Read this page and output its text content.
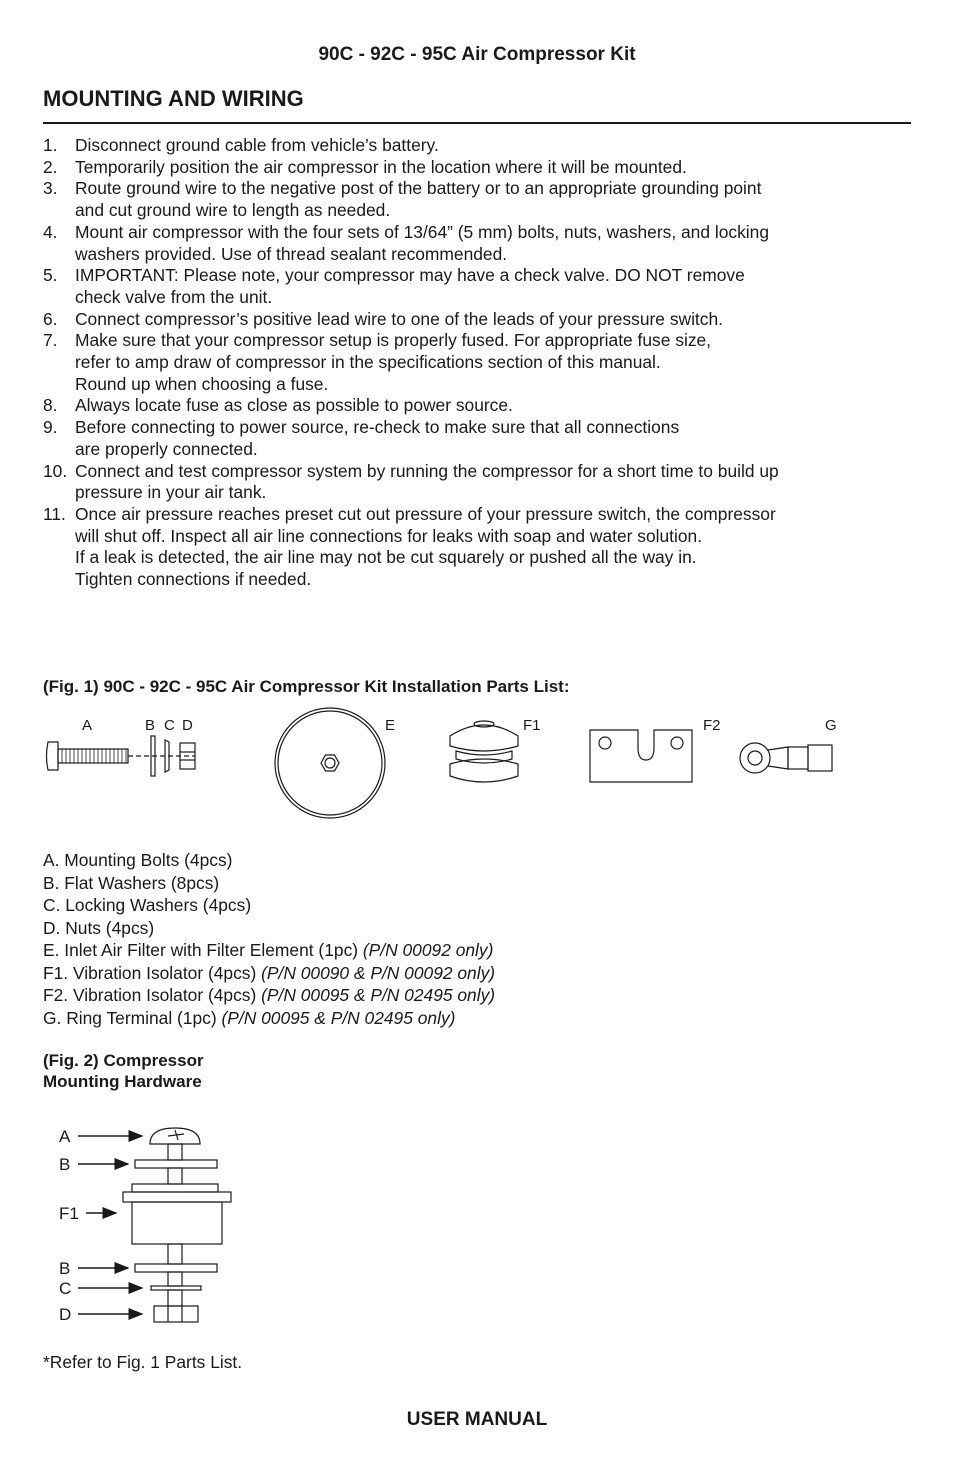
90C - 92C - 95C Air Compressor Kit
MOUNTING AND WIRING
1.	Disconnect ground cable from vehicle’s battery.
2.	Temporarily position the air compressor in the location where it will be mounted.
3.	Route ground wire to the negative post of the battery or to an appropriate grounding point
and cut ground wire to length as needed.
4.	Mount air compressor with the four sets of 13/64” (5 mm) bolts, nuts, washers, and locking
washers provided. Use of thread sealant recommended.
5.	IMPORTANT: Please note, your compressor may have a check valve. DO NOT remove
check valve from the unit.
6.	Connect compressor’s positive lead wire to one of the leads of your pressure switch.
7.	Make sure that your compressor setup is properly fused. For appropriate fuse size,
refer to amp draw of compressor in the specifications section of this manual.
Round up when choosing a fuse.
8.	Always locate fuse as close as possible to power source.
9.	Before connecting to power source, re-check to make sure that all connections
are properly connected.
10. Connect and test compressor system by running the compressor for a short time to build up
pressure in your air tank.
11. Once air pressure reaches preset cut out pressure of your pressure switch, the compressor
will shut off. Inspect all air line connections for leaks with soap and water solution.
If a leak is detected, the air line may not be cut squarely or pushed all the way in.
Tighten connections if needed.
(Fig. 1) 90C - 92C - 95C Air Compressor Kit Installation Parts List:
A	B C D	E	F1	F2	G
A. Mounting Bolts (4pcs)
B. Flat Washers (8pcs)
C. Locking Washers (4pcs)
D. Nuts (4pcs)
E. Inlet Air Filter with Filter Element (1pc) (P/N 00092 only)
F1. Vibration Isolator (4pcs) (P/N 00090 & P/N 00092 only)
F2. Vibration Isolator (4pcs) (P/N 00095 & P/N 02495 only)
G. Ring Terminal (1pc) (P/N 00095 & P/N 02495 only)
(Fig. 2) Compressor
Mounting Hardware
A
B
F1
B
C
D
*Refer to Fig. 1 Parts List.
USER MANUAL
